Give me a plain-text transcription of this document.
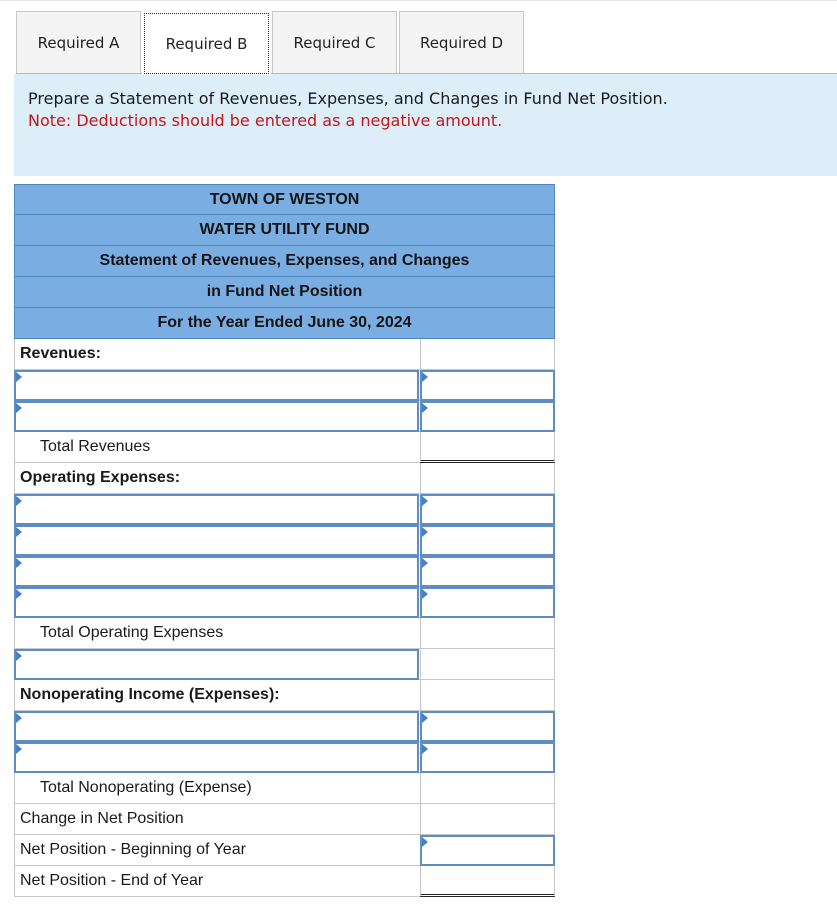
Required A	Required B	Required C	Required D
Prepare a Statement of Revenues, Expenses, and Changes in Fund Net Position.
Note: Deductions should be entered as a negative amount.
TOWN OF WESTON
WATER UTILITY FUND
Statement of Revenues, Expenses, and Changes
in Fund Net Position
For the Year Ended June 30, 2024
Revenues:
Total Revenues
Operating Expenses:
Total Operating Expenses
Nonoperating Income (Expenses):
Total Nonoperating (Expense)
Change in Net Position
Net Position - Beginning of Year
Net Position - End of Year
